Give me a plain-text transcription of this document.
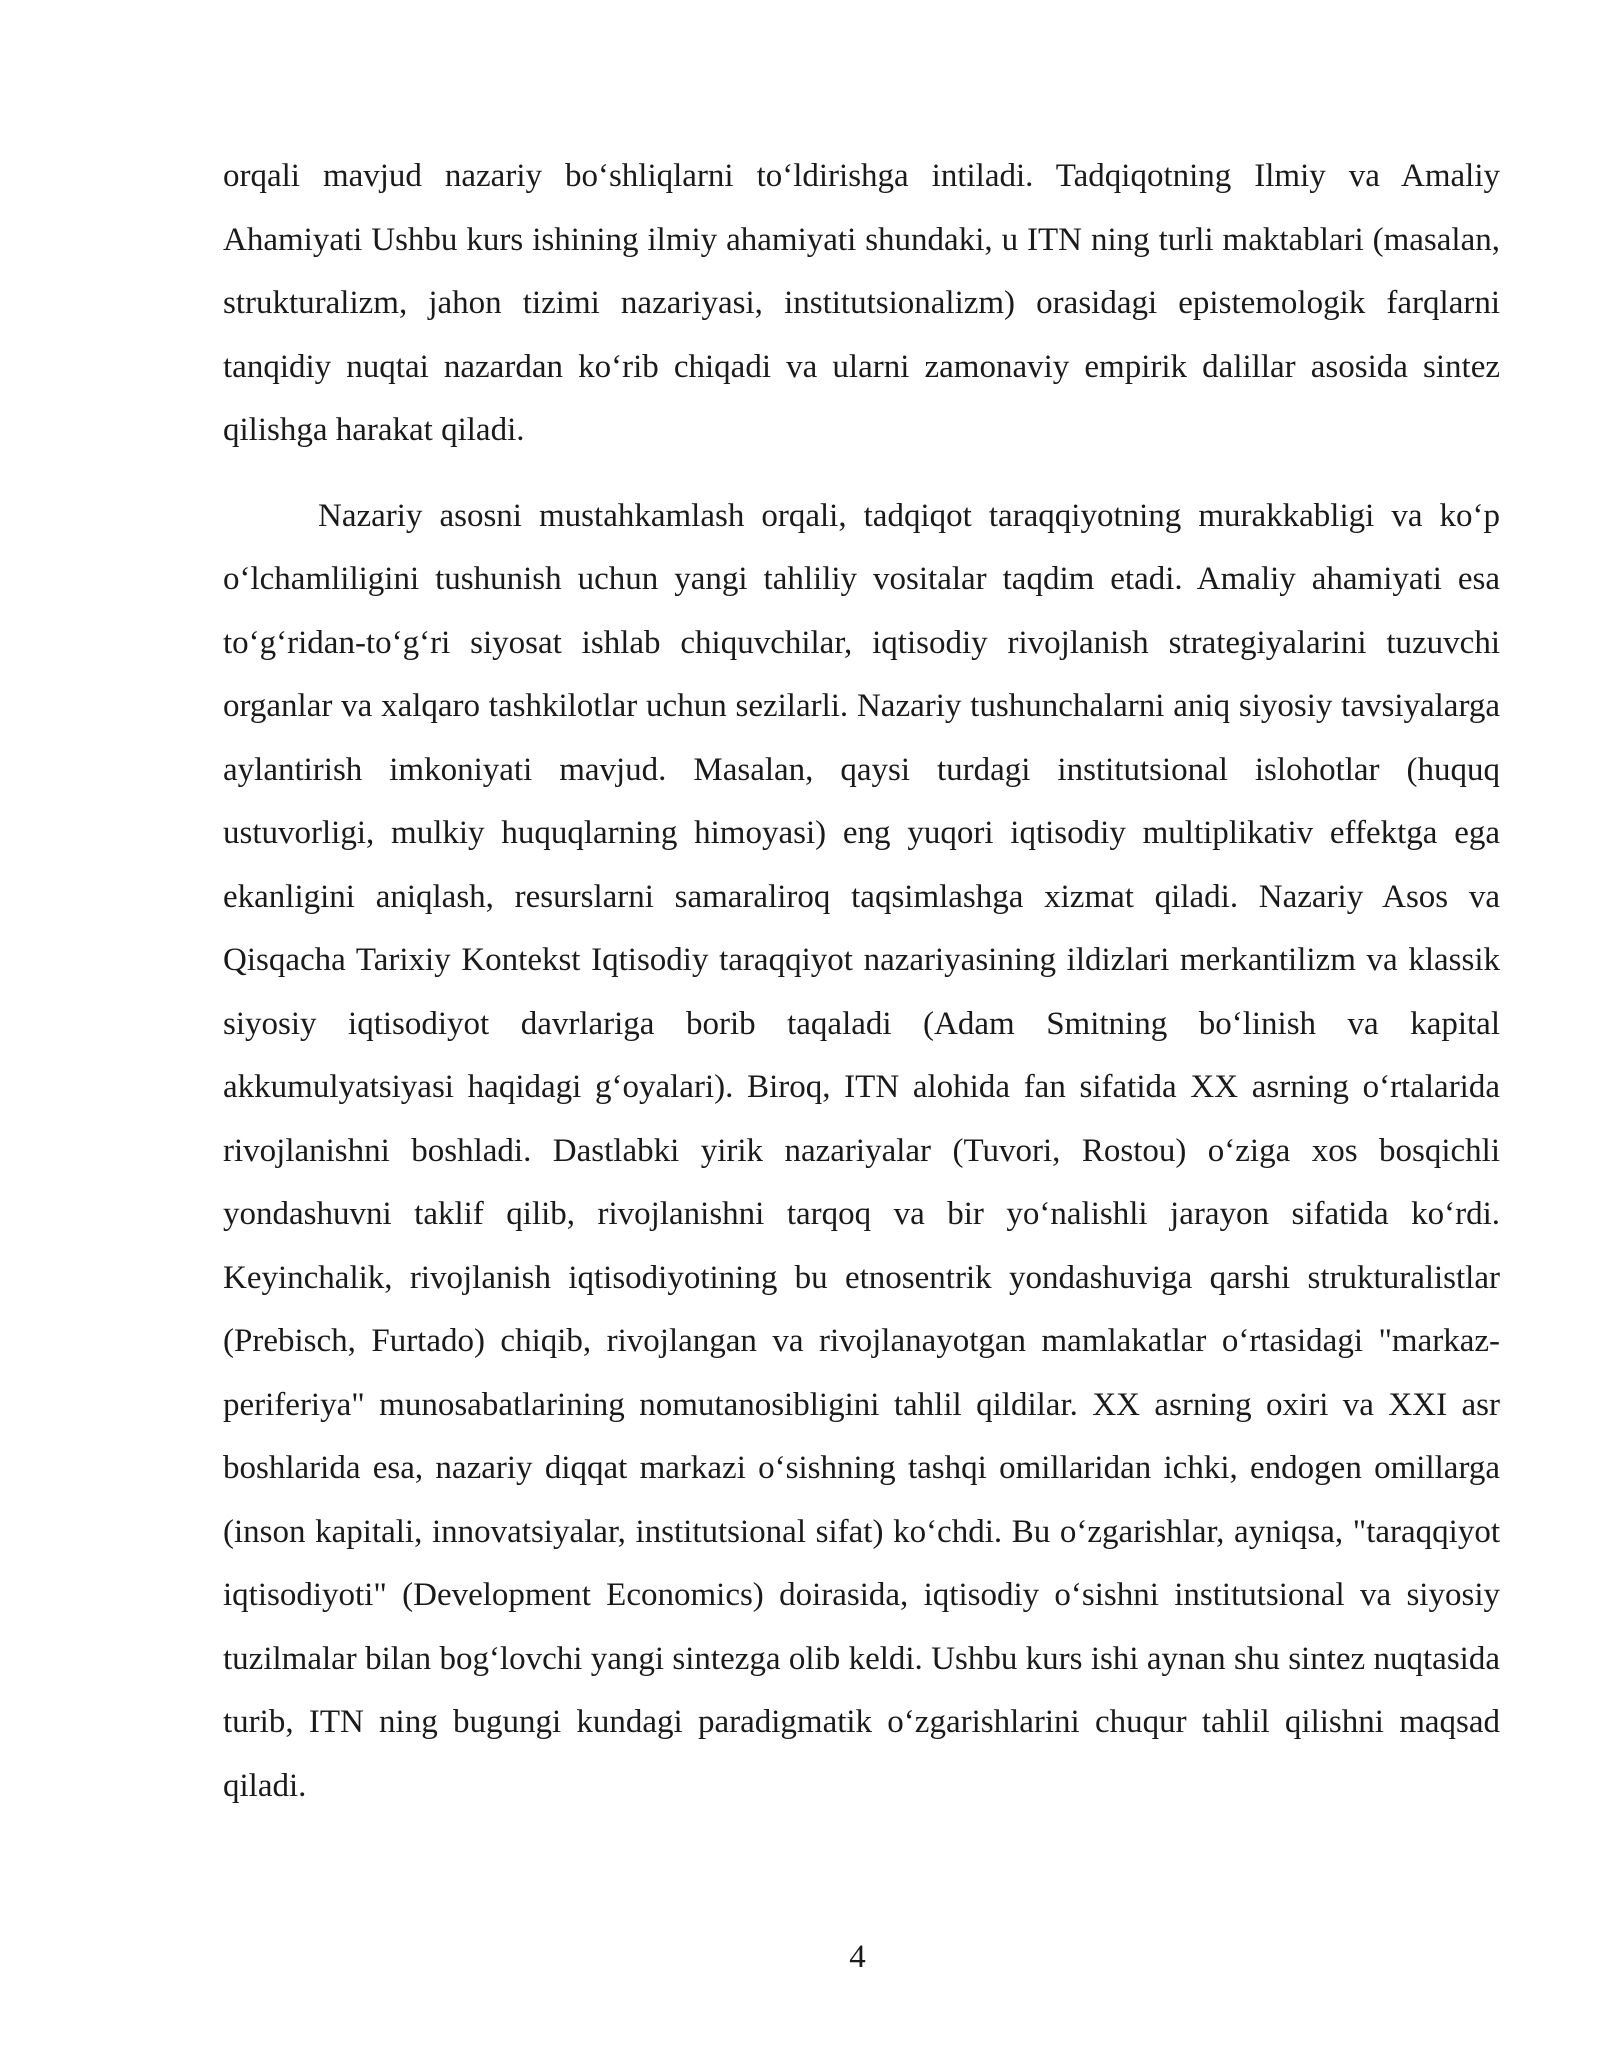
orqali mavjud nazariy bo‘shliqlarni to‘ldirishga intiladi. Tadqiqotning Ilmiy va Amaliy Ahamiyati Ushbu kurs ishining ilmiy ahamiyati shundaki, u ITN ning turli maktablari (masalan, strukturalizm, jahon tizimi nazariyasi, institutsionalizm) orasidagi epistemologik farqlarni tanqidiy nuqtai nazardan ko‘rib chiqadi va ularni zamonaviy empirik dalillar asosida sintez qilishga harakat qiladi.

Nazariy asosni mustahkamlash orqali, tadqiqot taraqqiyotning murakkabligi va ko‘p o‘lchamliligini tushunish uchun yangi tahliliy vositalar taqdim etadi. Amaliy ahamiyati esa to‘g‘ridan-to‘g‘ri siyosat ishlab chiquvchilar, iqtisodiy rivojlanish strategiyalarini tuzuvchi organlar va xalqaro tashkilotlar uchun sezilarli. Nazariy tushunchalarni aniq siyosiy tavsiyalarga aylantirish imkoniyati mavjud. Masalan, qaysi turdagi institutsional islohotlar (huquq ustuvorligi, mulkiy huquqlarning himoyasi) eng yuqori iqtisodiy multiplikativ effektga ega ekanligini aniqlash, resurslarni samaraliroq taqsimlashga xizmat qiladi. Nazariy Asos va Qisqacha Tarixiy Kontekst Iqtisodiy taraqqiyot nazariyasining ildizlari merkantilizm va klassik siyosiy iqtisodiyot davrlariga borib taqaladi (Adam Smitning bo‘linish va kapital akkumulyatsiyasi haqidagi g‘oyalari). Biroq, ITN alohida fan sifatida XX asrning o‘rtalarida rivojlanishni boshladi. Dastlabki yirik nazariyalar (Tuvori, Rostou) o‘ziga xos bosqichli yondashuvni taklif qilib, rivojlanishni tarqoq va bir yo‘nalishli jarayon sifatida ko‘rdi. Keyinchalik, rivojlanish iqtisodiyotining bu etnosentrik yondashuviga qarshi strukturalistlar (Prebisch, Furtado) chiqib, rivojlangan va rivojlanayotgan mamlakatlar o‘rtasidagi "markaz-periferiya" munosabatlarining nomutanosibligini tahlil qildilar. XX asrning oxiri va XXI asr boshlarida esa, nazariy diqqat markazi o‘sishning tashqi omillaridan ichki, endogen omillarga (inson kapitali, innovatsiyalar, institutsional sifat) ko‘chdi. Bu o‘zgarishlar, ayniqsa, "taraqqiyot iqtisodiyoti" (Development Economics) doirasida, iqtisodiy o‘sishni institutsional va siyosiy tuzilmalar bilan bog‘lovchi yangi sintezga olib keldi. Ushbu kurs ishi aynan shu sintez nuqtasida turib, ITN ning bugungi kundagi paradigmatik o‘zgarishlarini chuqur tahlil qilishni maqsad qiladi.

4
